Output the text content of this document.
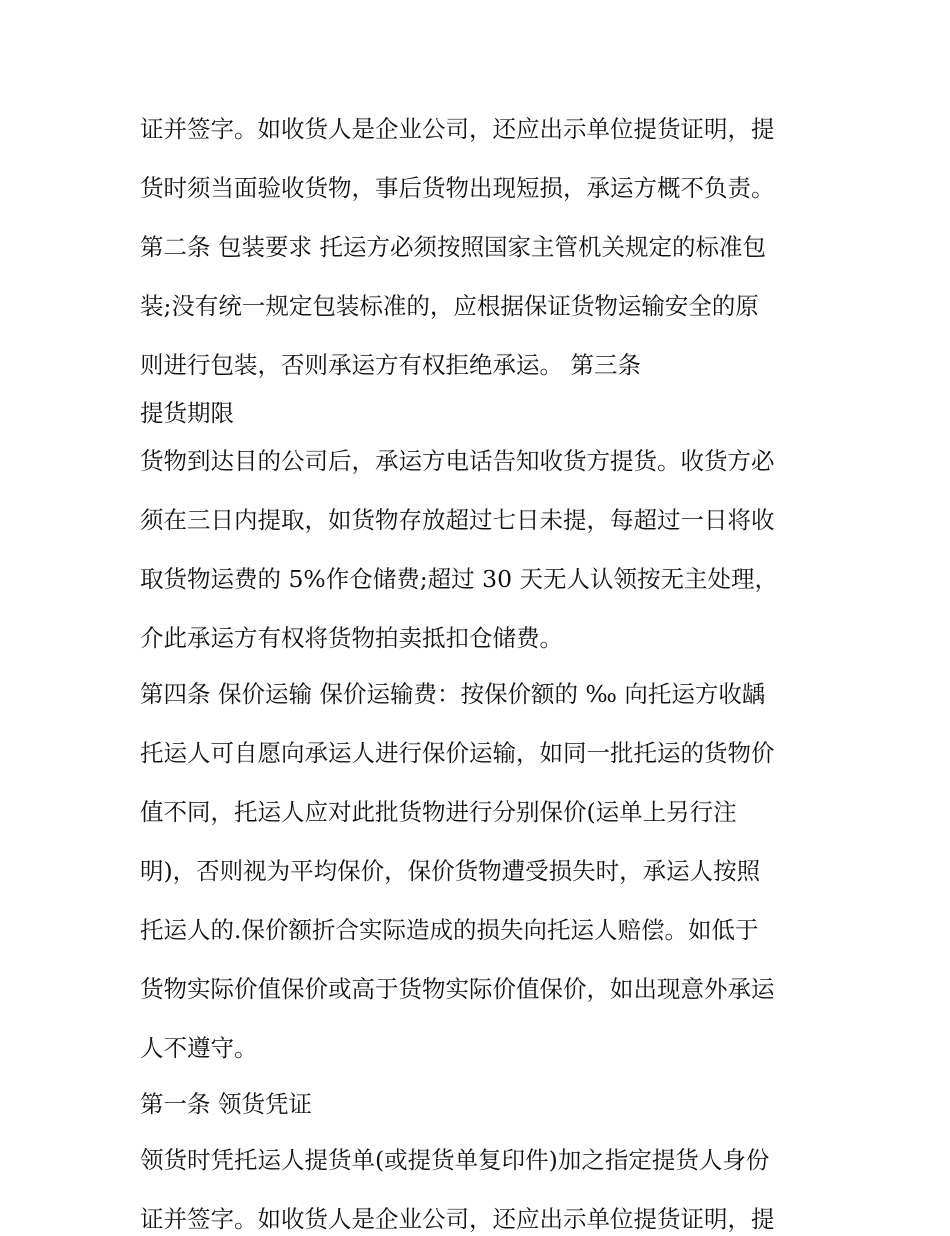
证并签字。如收货人是企业公司，还应出示单位提货证明，提
货时须当面验收货物，事后货物出现短损，承运方概不负责。
第二条 包装要求 托运方必须按照国家主管机关规定的标准包
装;没有统一规定包装标准的，应根据保证货物运输安全的原
则进行包装，否则承运方有权拒绝承运。 第三条
提货期限
货物到达目的公司后，承运方电话告知收货方提货。收货方必
须在三日内提取，如货物存放超过七日未提，每超过一日将收
取货物运费的 5%作仓储费;超过 30 天无人认领按无主处理，
介此承运方有权将货物拍卖抵扣仓储费。
第四条 保价运输 保价运输费：按保价额的 ‰ 向托运方收龋
托运人可自愿向承运人进行保价运输，如同一批托运的货物价
值不同，托运人应对此批货物进行分别保价(运单上另行注
明)，否则视为平均保价，保价货物遭受损失时，承运人按照
托运人的.保价额折合实际造成的损失向托运人赔偿。如低于
货物实际价值保价或高于货物实际价值保价，如出现意外承运
人不遵守。
第一条 领货凭证
领货时凭托运人提货单(或提货单复印件)加之指定提货人身份
证并签字。如收货人是企业公司，还应出示单位提货证明，提
